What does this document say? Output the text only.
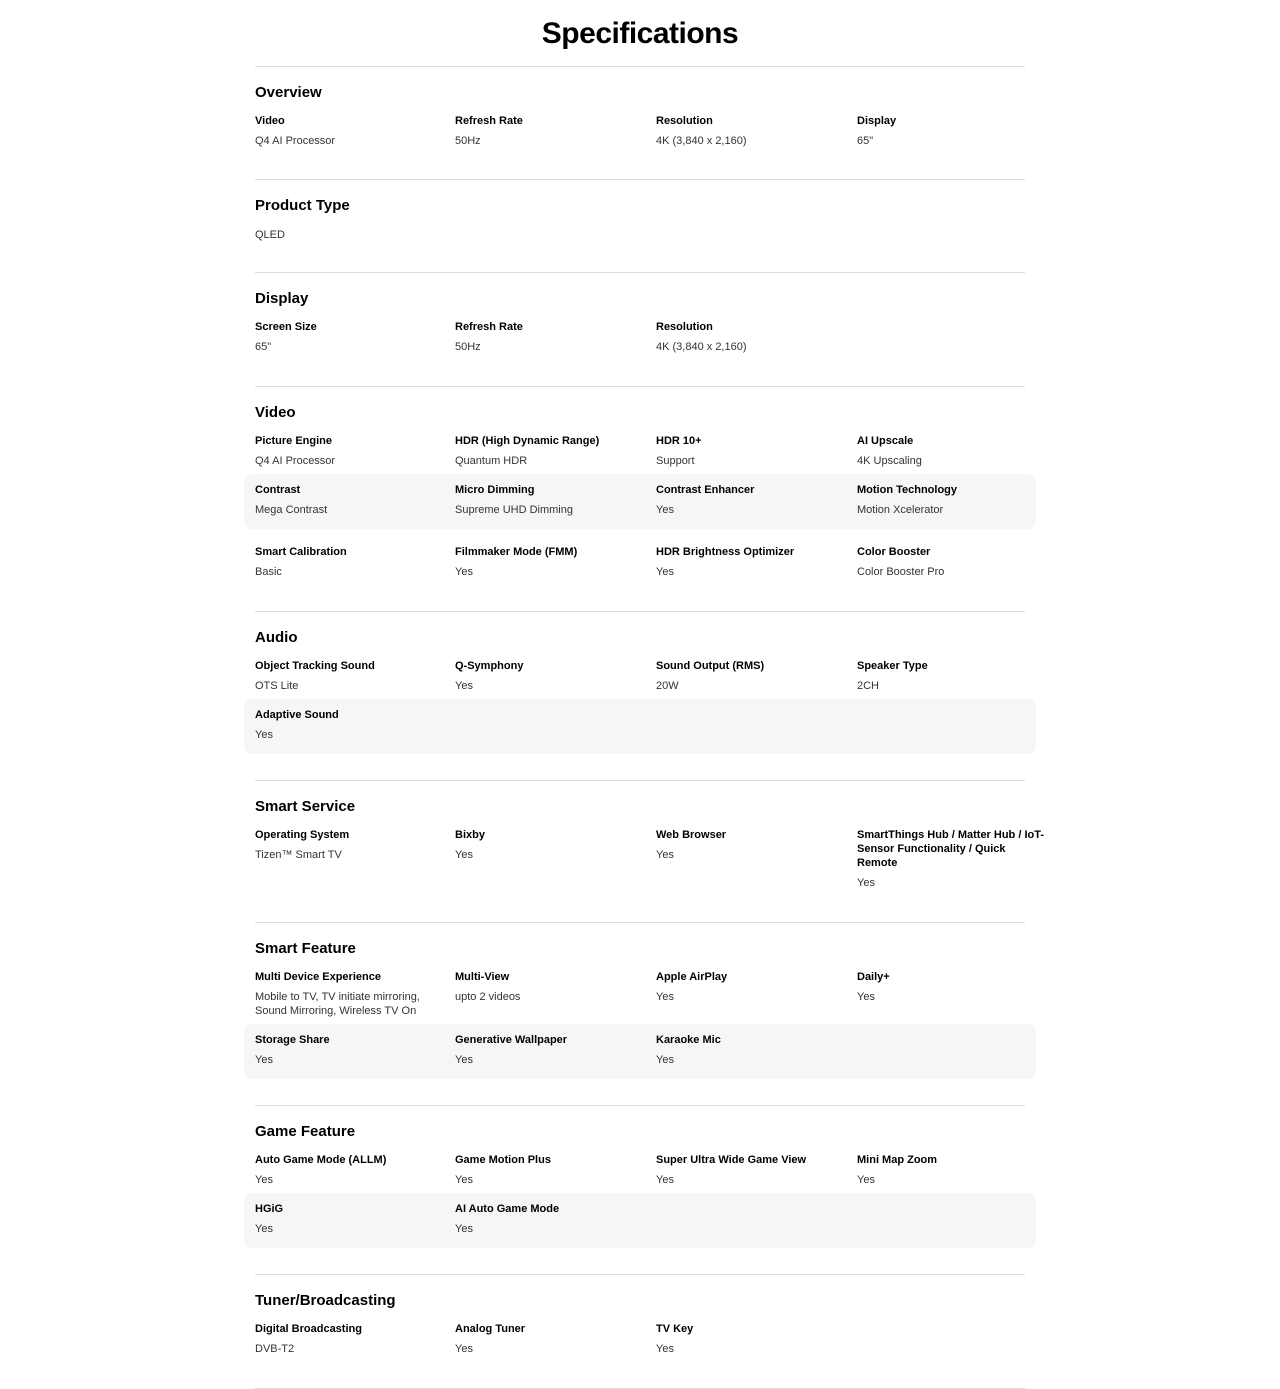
Specifications
Overview
Video
Q4 AI Processor
Refresh Rate
50Hz
Resolution
4K (3,840 x 2,160)
Display
65"
Product Type
QLED
Display
Screen Size
65"
Refresh Rate
50Hz
Resolution
4K (3,840 x 2,160)
Video
Picture Engine
Q4 AI Processor
HDR (High Dynamic Range)
Quantum HDR
HDR 10+
Support
AI Upscale
4K Upscaling
Contrast
Mega Contrast
Micro Dimming
Supreme UHD Dimming
Contrast Enhancer
Yes
Motion Technology
Motion Xcelerator
Smart Calibration
Basic
Filmmaker Mode (FMM)
Yes
HDR Brightness Optimizer
Yes
Color Booster
Color Booster Pro
Audio
Object Tracking Sound
OTS Lite
Q-Symphony
Yes
Sound Output (RMS)
20W
Speaker Type
2CH
Adaptive Sound
Yes
Smart Service
Operating System
Tizen™ Smart TV
Bixby
Yes
Web Browser
Yes
SmartThings Hub / Matter Hub / IoT-Sensor Functionality / Quick Remote
Yes
Smart Feature
Multi Device Experience
Mobile to TV, TV initiate mirroring, Sound Mirroring, Wireless TV On
Multi-View
upto 2 videos
Apple AirPlay
Yes
Daily+
Yes
Storage Share
Yes
Generative Wallpaper
Yes
Karaoke Mic
Yes
Game Feature
Auto Game Mode (ALLM)
Yes
Game Motion Plus
Yes
Super Ultra Wide Game View
Yes
Mini Map Zoom
Yes
HGiG
Yes
AI Auto Game Mode
Yes
Tuner/Broadcasting
Digital Broadcasting
DVB-T2
Analog Tuner
Yes
TV Key
Yes
